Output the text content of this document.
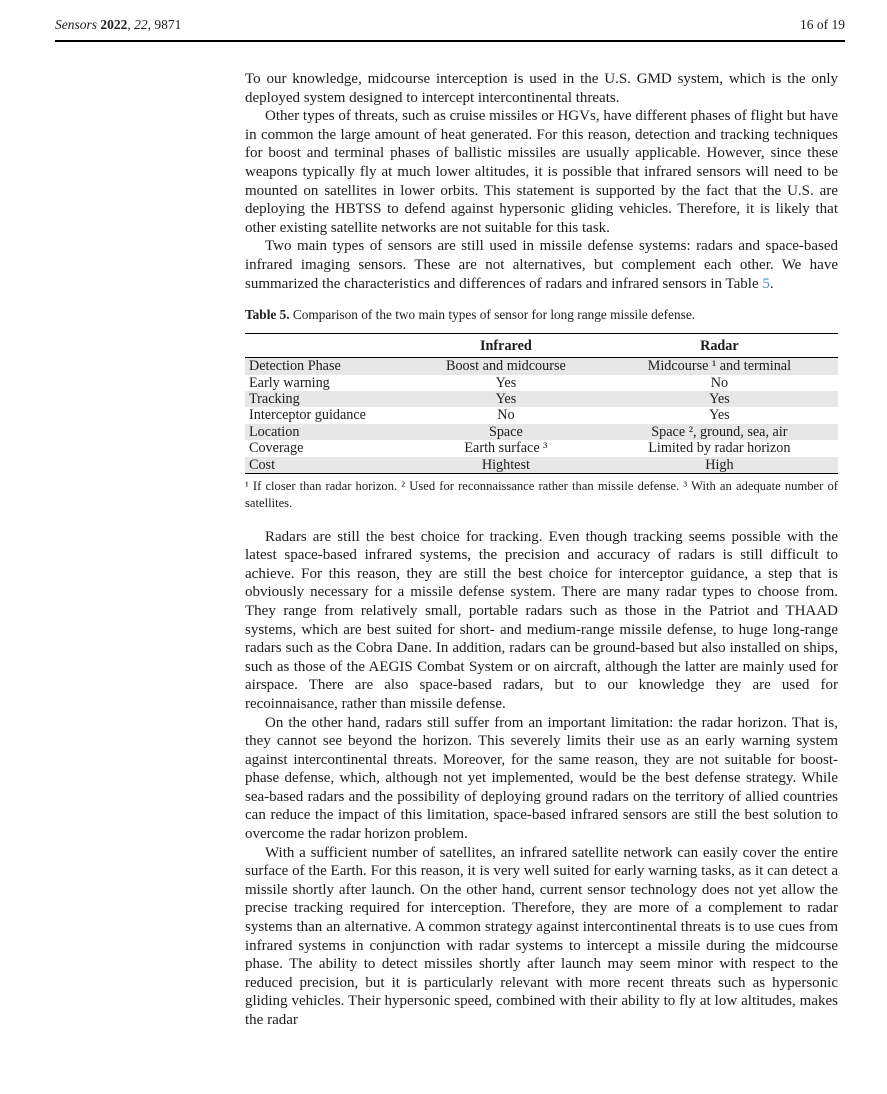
Sensors 2022, 22, 9871	16 of 19

To our knowledge, midcourse interception is used in the U.S. GMD system, which is the only deployed system designed to intercept intercontinental threats.

Other types of threats, such as cruise missiles or HGVs, have different phases of flight but have in common the large amount of heat generated. For this reason, detection and tracking techniques for boost and terminal phases of ballistic missiles are usually applicable. However, since these weapons typically fly at much lower altitudes, it is possible that infrared sensors will need to be mounted on satellites in lower orbits. This statement is supported by the fact that the U.S. are deploying the HBTSS to defend against hypersonic gliding vehicles. Therefore, it is likely that other existing satellite networks are not suitable for this task.

Two main types of sensors are still used in missile defense systems: radars and space-based infrared imaging sensors. These are not alternatives, but complement each other. We have summarized the characteristics and differences of radars and infrared sensors in Table 5.

Table 5. Comparison of the two main types of sensor for long range missile defense.

	Infrared	Radar
Detection Phase	Boost and midcourse	Midcourse ¹ and terminal
Early warning	Yes	No
Tracking	Yes	Yes
Interceptor guidance	No	Yes
Location	Space	Space ², ground, sea, air
Coverage	Earth surface ³	Limited by radar horizon
Cost	Hightest	High

¹ If closer than radar horizon. ² Used for reconnaissance rather than missile defense. ³ With an adequate number of satellites.

Radars are still the best choice for tracking. Even though tracking seems possible with the latest space-based infrared systems, the precision and accuracy of radars is still difficult to achieve. For this reason, they are still the best choice for interceptor guidance, a step that is obviously necessary for a missile defense system. There are many radar types to choose from. They range from relatively small, portable radars such as those in the Patriot and THAAD systems, which are best suited for short- and medium-range missile defense, to huge long-range radars such as the Cobra Dane. In addition, radars can be ground-based but also installed on ships, such as those of the AEGIS Combat System or on aircraft, although the latter are mainly used for airspace. There are also space-based radars, but to our knowledge they are used for recoinnaisance, rather than missile defense.

On the other hand, radars still suffer from an important limitation: the radar horizon. That is, they cannot see beyond the horizon. This severely limits their use as an early warning system against intercontinental threats. Moreover, for the same reason, they are not suitable for boost-phase defense, which, although not yet implemented, would be the best defense strategy. While sea-based radars and the possibility of deploying ground radars on the territory of allied countries can reduce the impact of this limitation, space-based infrared sensors are still the best solution to overcome the radar horizon problem.

With a sufficient number of satellites, an infrared satellite network can easily cover the entire surface of the Earth. For this reason, it is very well suited for early warning tasks, as it can detect a missile shortly after launch. On the other hand, current sensor technology does not yet allow the precise tracking required for interception. Therefore, they are more of a complement to radar systems than an alternative. A common strategy against intercontinental threats is to use cues from infrared systems in conjunction with radar systems to intercept a missile during the midcourse phase. The ability to detect missiles shortly after launch may seem minor with respect to the reduced precision, but it is particularly relevant with more recent threats such as hypersonic gliding vehicles. Their hypersonic speed, combined with their ability to fly at low altitudes, makes the radar
